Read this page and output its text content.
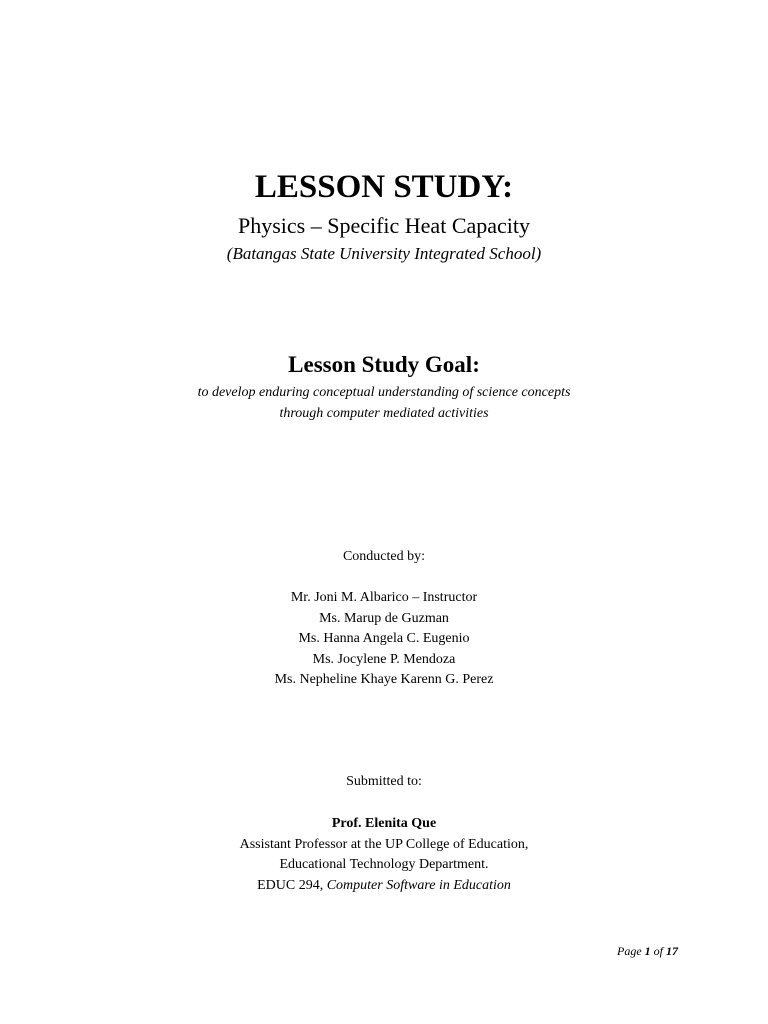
LESSON STUDY:
Physics – Specific Heat Capacity
(Batangas State University Integrated School)
Lesson Study Goal:
to develop enduring conceptual understanding of science concepts
through computer mediated activities
Conducted by:
Mr. Joni M. Albarico – Instructor
Ms. Marup de Guzman
Ms. Hanna Angela C. Eugenio
Ms. Jocylene P. Mendoza
Ms. Nepheline Khaye Karenn G. Perez
Submitted to:
Prof. Elenita Que
Assistant Professor at the UP College of Education,
Educational Technology Department.
EDUC 294, Computer Software in Education
Page 1 of 17
